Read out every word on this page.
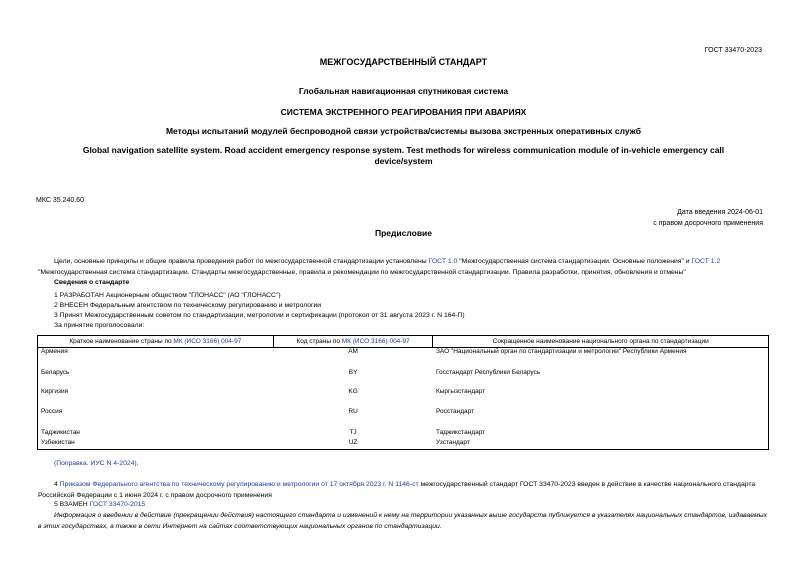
ГОСТ 33470-2023
МЕЖГОСУДАРСТВЕННЫЙ СТАНДАРТ
Глобальная навигационная спутниковая система
СИСТЕМА ЭКСТРЕННОГО РЕАГИРОВАНИЯ ПРИ АВАРИЯХ
Методы испытаний модулей беспроводной связи устройства/системы вызова экстренных оперативных служб
Global navigation satellite system. Road accident emergency response system. Test methods for wireless communication module of in-vehicle emergency call device/system
МКС 35.240.60
Дата введения 2024-06-01
с правом досрочного применения
Предисловие
Цели, основные принципы и общие правила проведения работ по межгосударственной стандартизации установлены ГОСТ 1.0 "Межгосударственная система стандартизации. Основные положения" и ГОСТ 1.2 "Межгосударственная система стандартизации. Стандарты межгосударственные, правила и рекомендации по межгосударственной стандартизации. Правила разработки, принятия, обновления и отмены"
Сведения о стандарте
1 РАЗРАБОТАН Акционерным обществом "ГЛОНАСС" (АО "ГЛОНАСС")
2 ВНЕСЕН Федеральным агентством по техническому регулированию и метрологии
3 Принят Межгосударственным советом по стандартизации, метрологии и сертификации (протокол от 31 августа 2023 г. N 164-П)
За принятие проголосовали:
Краткое наименование страны по МК (ИСО 3166) 004-97	Код страны по МК (ИСО 3166) 004-97	Сокращенное наименование национального органа по стандартизации
Армения	AM	ЗАО "Национальный орган по стандартизации и метрологии" Республики Армения
Беларусь	BY	Госстандарт Республики Беларусь
Киргизия	KG	Кыргызстандарт
Россия	RU	Росстандарт
Таджикистан	TJ	Таджикстандарт
Узбекистан	UZ	Узстандарт
(Поправка. ИУС N 4-2024).
4 Приказом Федерального агентства по техническому регулированию и метрологии от 17 октября 2023 г. N 1146-ст межгосударственный стандарт ГОСТ 33470-2023 введен в действие в качестве национального стандарта Российской Федерации с 1 июня 2024 г. с правом досрочного применения
5 ВЗАМЕН ГОСТ 33470-2015
Информация о введении в действие (прекращении действия) настоящего стандарта и изменений к нему на территории указанных выше государств публикуется в указателях национальных стандартов, издаваемых в этих государствах, а также в сети Интернет на сайтах соответствующих национальных органов по стандартизации.
